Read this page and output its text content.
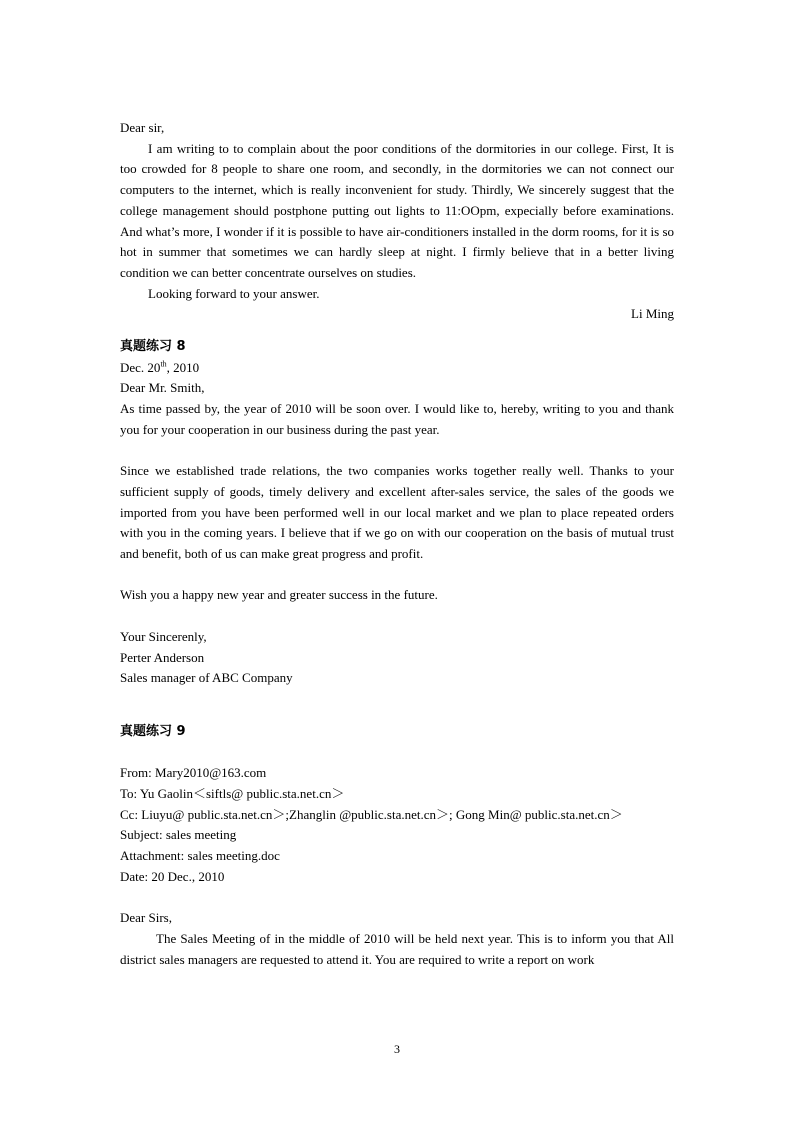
Dear sir,

I am writing to to complain about the poor conditions of the dormitories in our college. First, It is too crowded for 8 people to share one room, and secondly, in the dormitories we can not connect our computers to the internet, which is really inconvenient for study. Thirdly, We sincerely suggest that the college management should postphone putting out lights to 11:OOpm, expecially before examinations. And what’s more, I wonder if it is possible to have air-conditioners installed in the dorm rooms, for it is so hot in summer that sometimes we can hardly sleep at night. I firmly believe that in a better living condition we can better concentrate ourselves on studies.

Looking forward to your answer.

Li Ming

真题练习 8

Dec. 20th, 2010

Dear Mr. Smith,

As time passed by, the year of 2010 will be soon over. I would like to, hereby, writing to you and thank you for your cooperation in our business during the past year.

Since we established trade relations, the two companies works together really well. Thanks to your sufficient supply of goods, timely delivery and excellent after-sales service, the sales of the goods we imported from you have been performed well in our local market and we plan to place repeated orders with you in the coming years. I believe that if we go on with our cooperation on the basis of mutual trust and benefit, both of us can make great progress and profit.

Wish you a happy new year and greater success in the future.

Your Sincerenly,

Perter Anderson

Sales manager of ABC Company

真题练习 9

From: Mary2010@163.com

To: Yu Gaolin＜siftls@ public.sta.net.cn＞

Cc: Liuyu@ public.sta.net.cn＞;Zhanglin @public.sta.net.cn＞; Gong Min@ public.sta.net.cn＞

Subject: sales meeting

Attachment: sales meeting.doc

Date: 20 Dec., 2010

Dear Sirs,

The Sales Meeting of in the middle of 2010 will be held next year. This is to inform you that All district sales managers are requested to attend it. You are required to write a report on work

3
